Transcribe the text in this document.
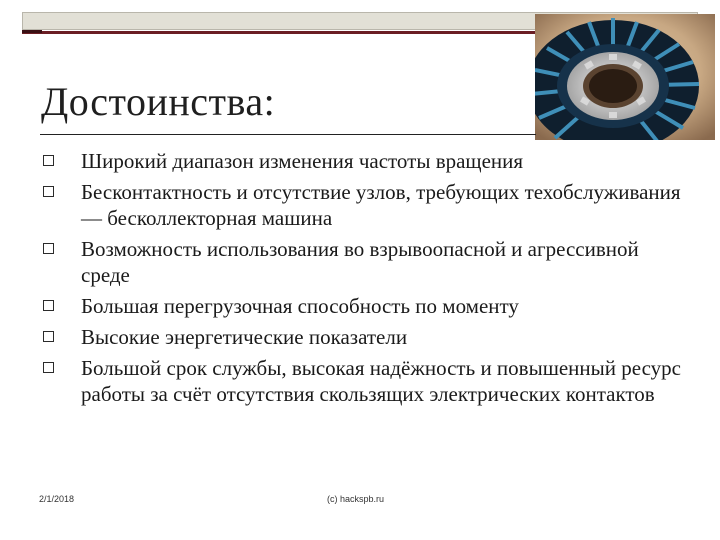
Достоинства:
Широкий диапазон изменения частоты вращения
Бесконтактность и отсутствие узлов, требующих техобслуживания — бесколлекторная машина
Возможность использования во взрывоопасной и агрессивной среде
Большая перегрузочная способность по моменту
Высокие энергетические показатели
Большой срок службы, высокая надёжность и повышенный ресурс работы за счёт отсутствия скользящих электрических контактов
2/1/2018	(c) hackspb.ru
